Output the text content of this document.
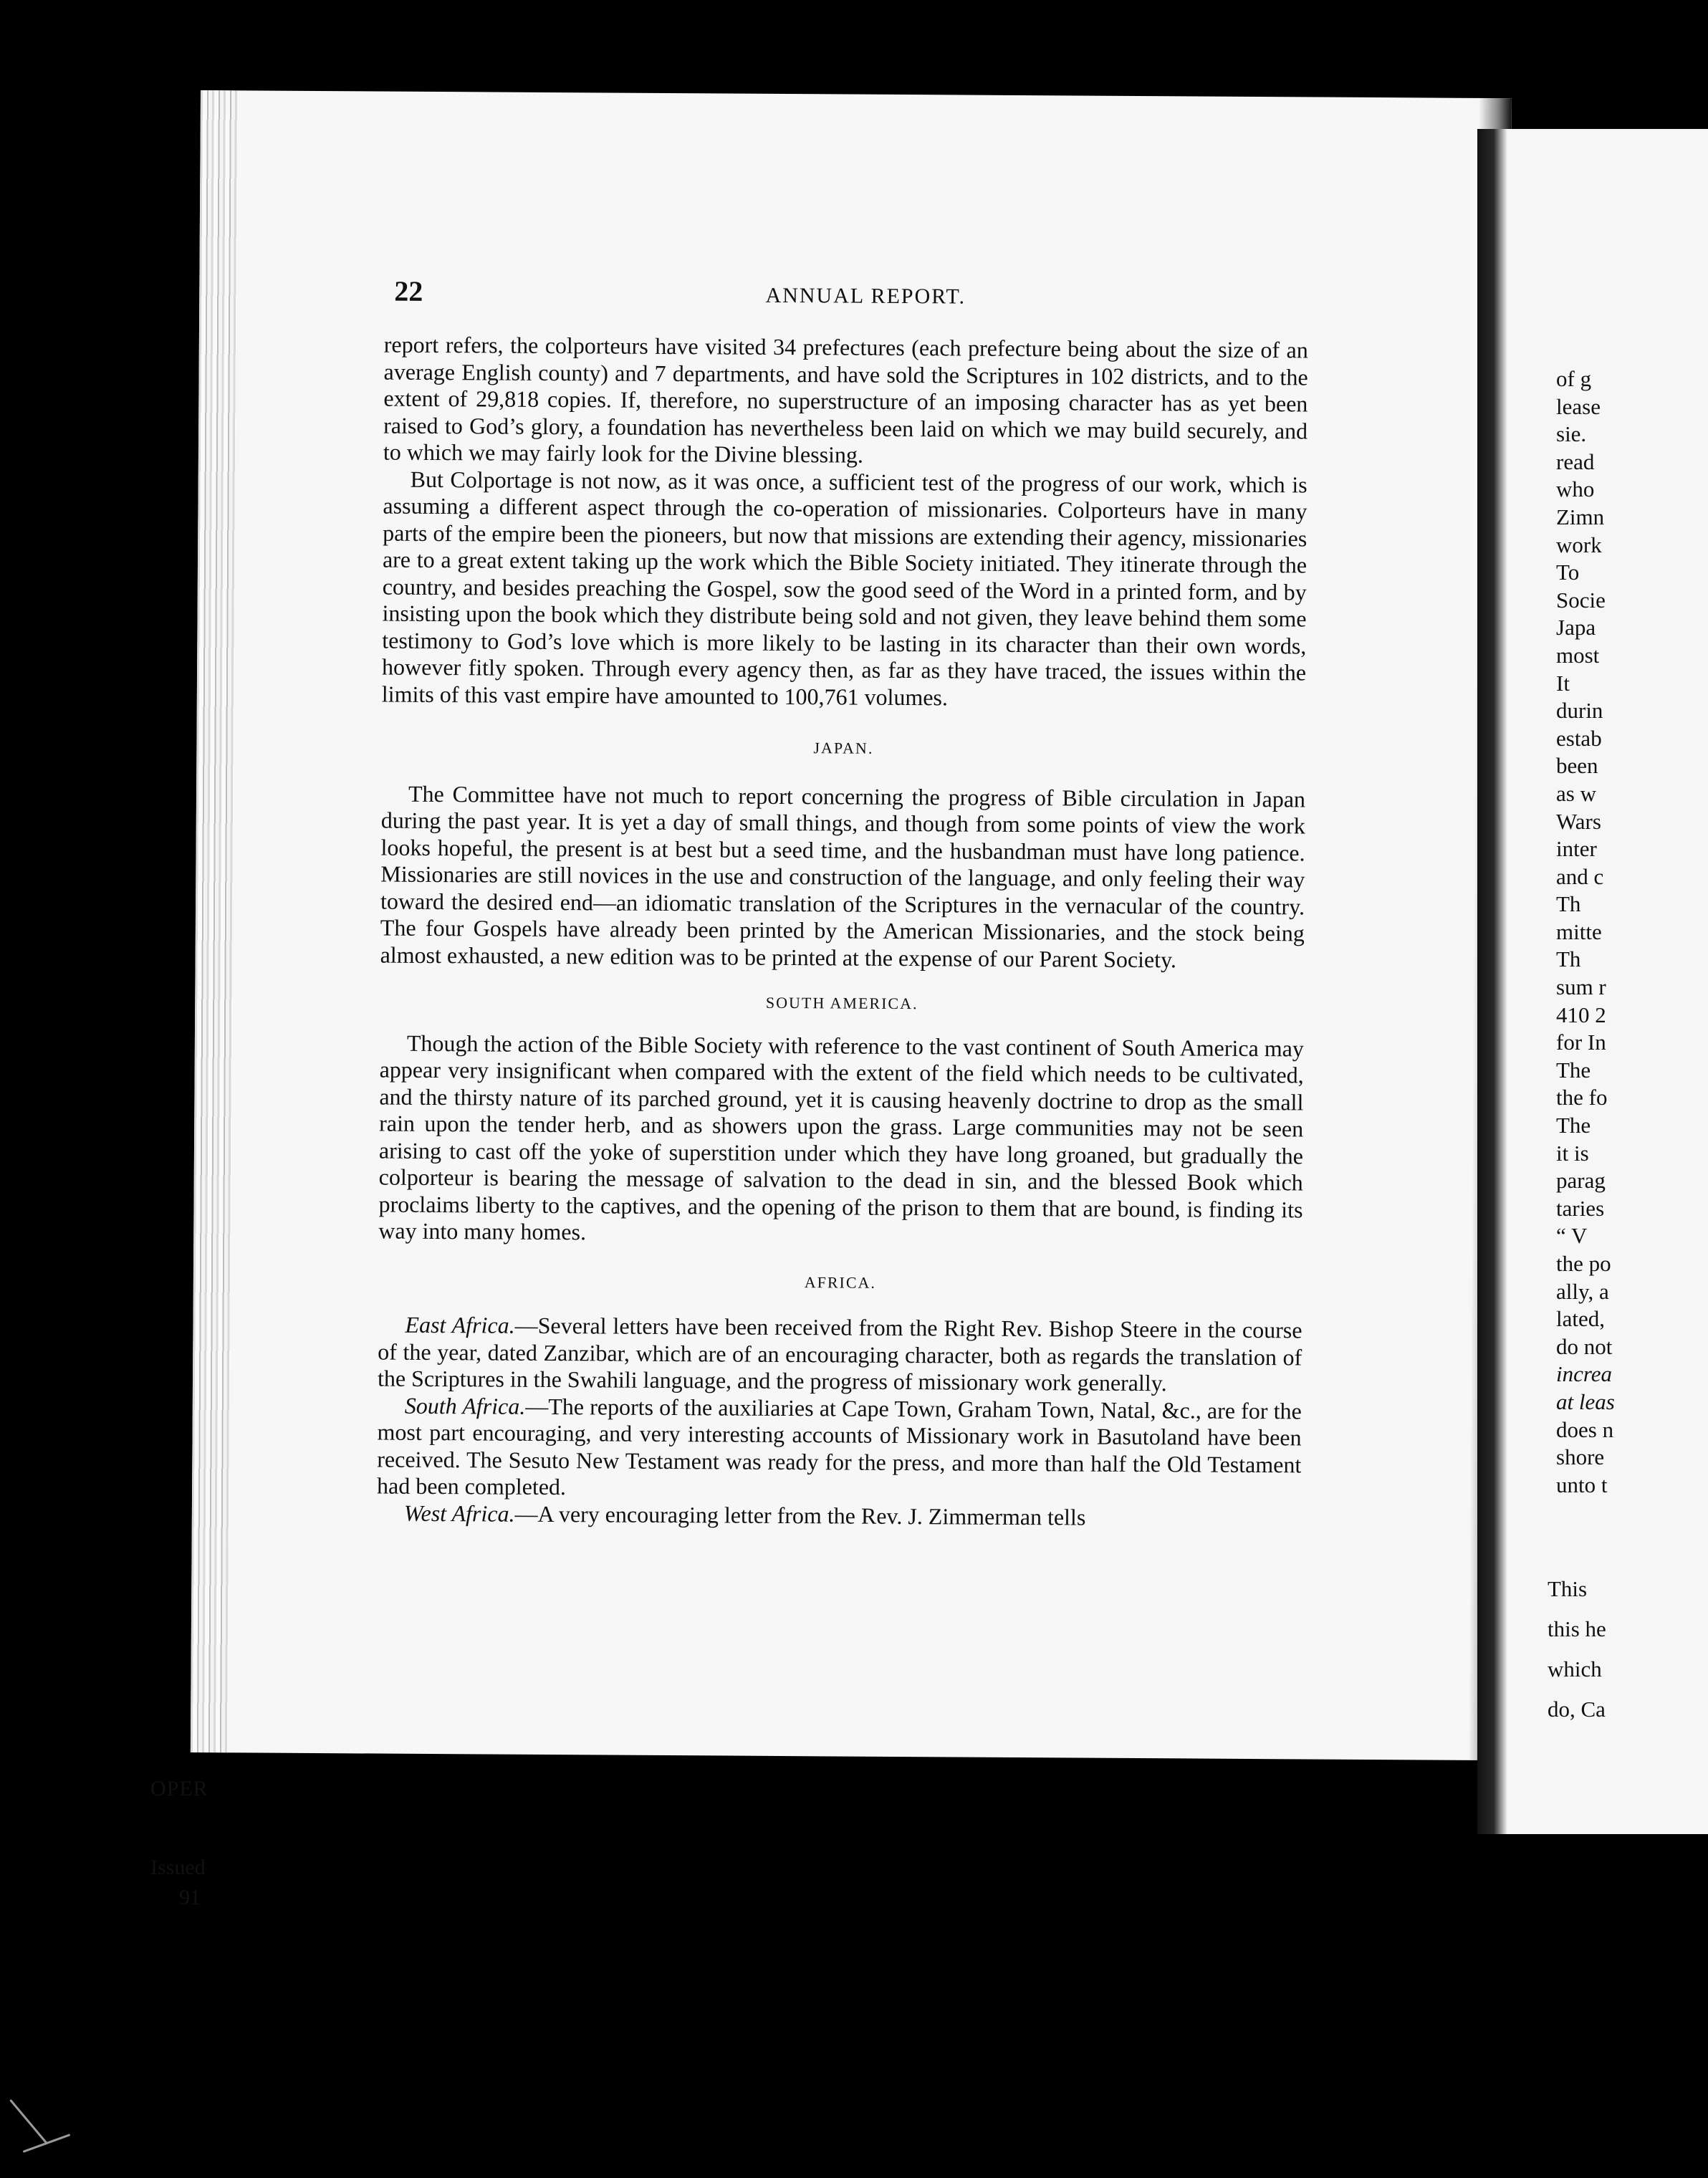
22	ANNUAL REPORT.

report refers, the colporteurs have visited 34 prefectures (each prefecture being about the size of an average English county) and 7 departments, and have sold the Scriptures in 102 districts, and to the extent of 29,818 copies. If, therefore, no superstructure of an imposing character has as yet been raised to God’s glory, a foundation has nevertheless been laid on which we may build securely, and to which we may fairly look for the Divine blessing.

But Colportage is not now, as it was once, a sufficient test of the progress of our work, which is assuming a different aspect through the co-operation of missionaries. Colporteurs have in many parts of the empire been the pioneers, but now that missions are extending their agency, missionaries are to a great extent taking up the work which the Bible Society initiated. They itinerate through the country, and besides preaching the Gospel, sow the good seed of the Word in a printed form, and by insisting upon the book which they distribute being sold and not given, they leave behind them some testimony to God’s love which is more likely to be lasting in its character than their own words, however fitly spoken. Through every agency then, as far as they have traced, the issues within the limits of this vast empire have amounted to 100,761 volumes.

JAPAN.

The Committee have not much to report concerning the progress of Bible circulation in Japan during the past year. It is yet a day of small things, and though from some points of view the work looks hopeful, the present is at best but a seed time, and the husbandman must have long patience. Missionaries are still novices in the use and construction of the language, and only feeling their way toward the desired end—an idiomatic translation of the Scriptures in the vernacular of the country. The four Gospels have already been printed by the American Missionaries, and the stock being almost exhausted, a new edition was to be printed at the expense of our Parent Society.

SOUTH AMERICA.

Though the action of the Bible Society with reference to the vast continent of South America may appear very insignificant when compared with the extent of the field which needs to be cultivated, and the thirsty nature of its parched ground, yet it is causing heavenly doctrine to drop as the small rain upon the tender herb, and as showers upon the grass. Large communities may not be seen arising to cast off the yoke of superstition under which they have long groaned, but gradually the colporteur is bearing the message of salvation to the dead in sin, and the blessed Book which proclaims liberty to the captives, and the opening of the prison to them that are bound, is finding its way into many homes.

AFRICA.

East Africa.—Several letters have been received from the Right Rev. Bishop Steere in the course of the year, dated Zanzibar, which are of an encouraging character, both as regards the translation of the Scriptures in the Swahili language, and the progress of missionary work generally.

South Africa.—The reports of the auxiliaries at Cape Town, Graham Town, Natal, &c., are for the most part encouraging, and very interesting accounts of Missionary work in Basutoland have been received. The Sesuto New Testament was ready for the press, and more than half the Old Testament had been completed.

West Africa.—A very encouraging letter from the Rev. J. Zimmerman tells

of g
lease
sie.
read
who
Zimn
work
To
Socie
Japa
most
It
durin
estab
been
as w
Wars
inter
and c
Th
mitte
Th
sum r
410 2
for In
The
the fo
The
it is
parag
taries
“ V
the po
ally, a
lated,
do not
increa
at leas
does n
shore
unto t
This
this he
which
do, Ca
OPER
Issued
91
